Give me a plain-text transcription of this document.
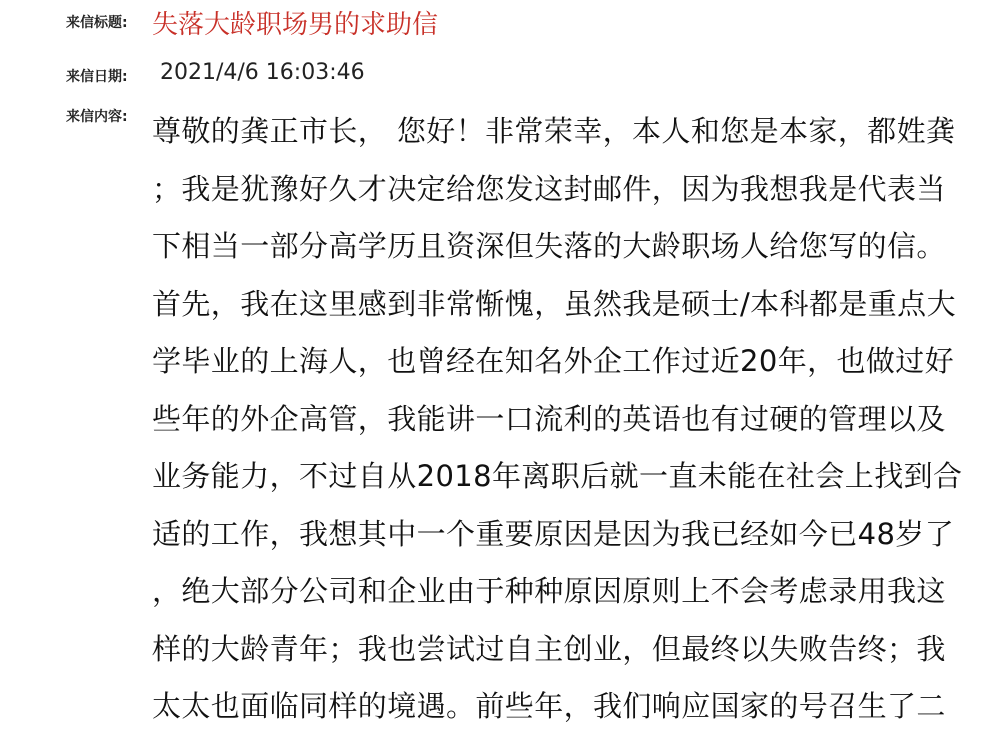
来信标题: 失落大龄职场男的求助信
来信日期: 2021/4/6 16:03:46
来信内容: 尊敬的龚正市长， 您好！非常荣幸，本人和您是本家，都姓龚
；我是犹豫好久才决定给您发这封邮件，因为我想我是代表当
下相当一部分高学历且资深但失落的大龄职场人给您写的信。
首先，我在这里感到非常惭愧，虽然我是硕士/本科都是重点大
学毕业的上海人，也曾经在知名外企工作过近20年，也做过好
些年的外企高管，我能讲一口流利的英语也有过硬的管理以及
业务能力，不过自从2018年离职后就一直未能在社会上找到合
适的工作，我想其中一个重要原因是因为我已经如今已48岁了
，绝大部分公司和企业由于种种原因原则上不会考虑录用我这
样的大龄青年；我也尝试过自主创业，但最终以失败告终；我
太太也面临同样的境遇。前些年，我们响应国家的号召生了二
